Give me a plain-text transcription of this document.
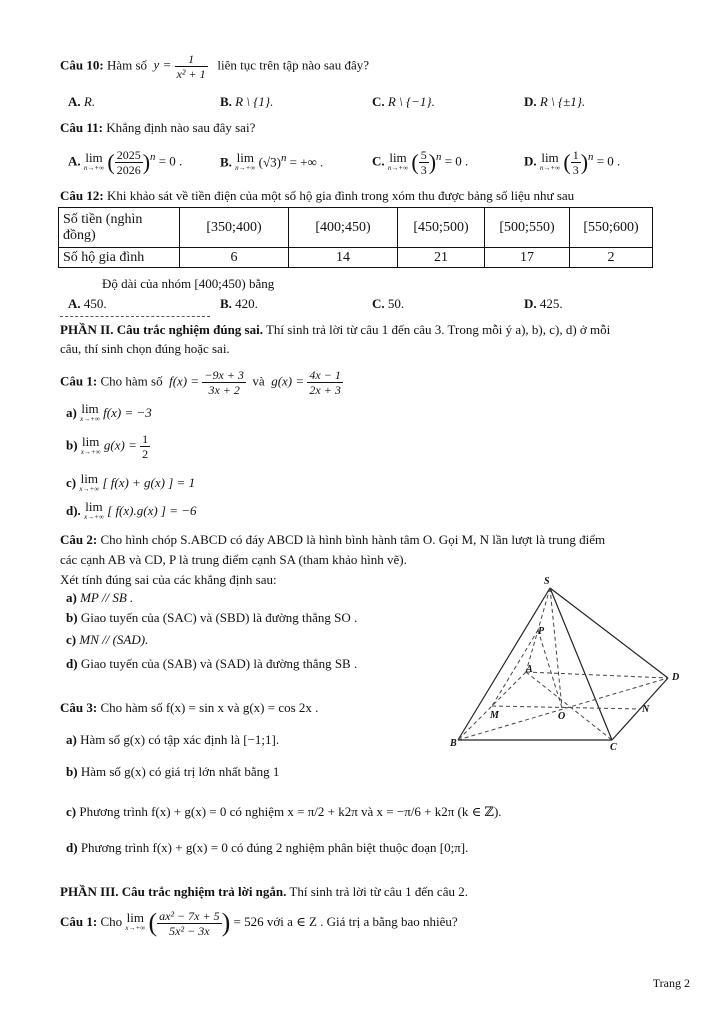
Câu 10: Hàm số  $y = \frac{1}{\text{x² + 1}}$ liên tục trên tập nào sau đây?
A. R.	B. R \ {1}.	C. R \ {−1}.	D. R \ {±1}.
Câu 11: Khẳng định nào sau đây sai?
A. lim
n→+∞ ( $\frac{2025}{2026} )^n = 0$ .	B. lim
n→+∞ $(√3)^n$ = +∞ .	C. lim
n→+∞ ( $\frac{5}{3} )^n = 0$ .	D. lim
n→+∞ ( $\frac{1}{3} )^n = 0$ .
Câu 12: Khi khảo sát về tiền điện của một số hộ gia đình trong xóm thu được bảng số liệu như sau
Số tiền (nghìn đồng)	[350;400)	[400;450)	[450;500)	[500;550)	[550;600)
Số hộ gia đình	6	14	21	17	2
Độ dài của nhóm [400;450) bằng
A. 450.	B. 420.	C. 50.	D. 425.
PHẦN II. Câu trắc nghiệm đúng sai. Thí sinh trả lời từ câu 1 đến câu 3. Trong mỗi ý a), b), c), d) ở mỗi
câu, thí sinh chọn đúng hoặc sai.
Câu 1: Cho hàm số  $f(x) = \frac{-9x + 3}{3x + 2}$ và $g(x) = \frac{4x - 1}{2x + 3}$
a) lim
x→+∞ f(x) = −3
b) lim
x→+∞ $g(x) = \frac{1}{2}$
c) lim
x→+∞ [ f(x) + g(x) ] = 1
d). lim
x→+∞ [ f(x).g(x) ] = −6
Câu 2: Cho hình chóp S.ABCD có đáy ABCD là hình bình hành tâm O. Gọi M, N lần lượt là trung điểm
các cạnh AB và CD, P là trung điểm cạnh SA (tham khảo hình vẽ).
Xét tính đúng sai của các khẳng định sau:
a) MP // SB .
b) Giao tuyến của (SAC) và (SBD) là đường thẳng SO .
c) MN // (SAD).
d) Giao tuyến của (SAB) và (SAD) là đường thẳng SB .
S
P
A
D
M	O
N
B	C
Câu 3: Cho hàm số f(x) = sin x và g(x) = cos 2x .
a) Hàm số g(x) có tập xác định là [−1;1].
b) Hàm số g(x) có giá trị lớn nhất bằng 1
c) Phương trình f(x) + g(x) = 0 có nghiệm x = π/2 + k2π và x = −π/6 + k2π (k ∈ ℤ).
d) Phương trình f(x) + g(x) = 0 có đúng 2 nghiệm phân biệt thuộc đoạn [0;π].
PHẦN III. Câu trắc nghiệm trả lời ngắn. Thí sinh trả lời từ câu 1 đến câu 2.
Câu 1: Cho lim
x→+∞ ( $\frac{\text{ax² − 7x + 5}}{\text{5x² − 3x}}$ ) = 526 với a ∈ Z . Giá trị a bằng bao nhiêu?
Trang 2
